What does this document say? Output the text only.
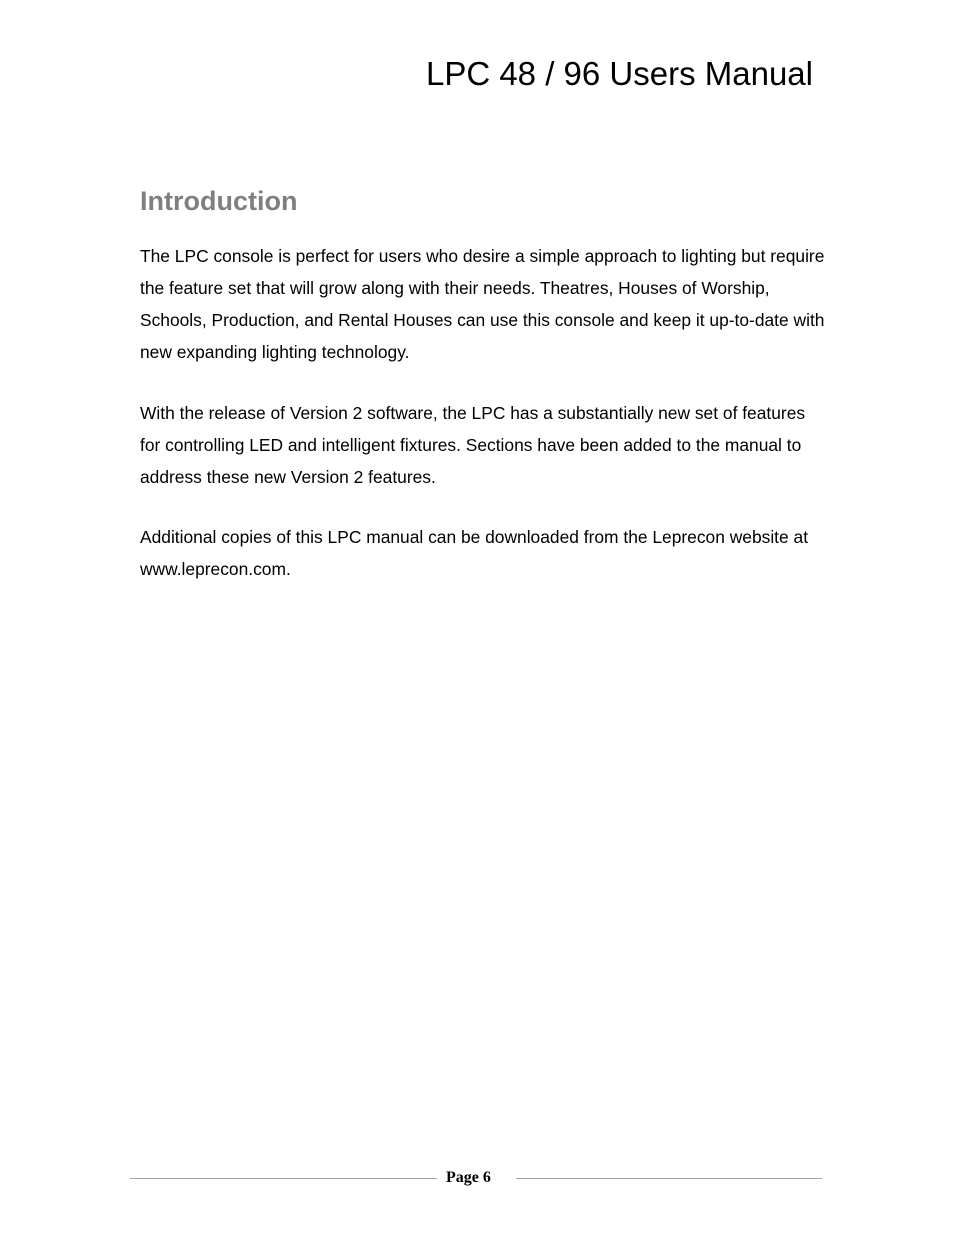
LPC 48 / 96 Users Manual
Introduction

The LPC console is perfect for users who desire a simple approach to lighting but require the feature set that will grow along with their needs. Theatres, Houses of Worship, Schools, Production, and Rental Houses can use this console and keep it up-to-date with new expanding lighting technology.

With the release of Version 2 software, the LPC has a substantially new set of features for controlling LED and intelligent fixtures. Sections have been added to the manual to address these new Version 2 features.

Additional copies of this LPC manual can be downloaded from the Leprecon website at www.leprecon.com.

Page 6
